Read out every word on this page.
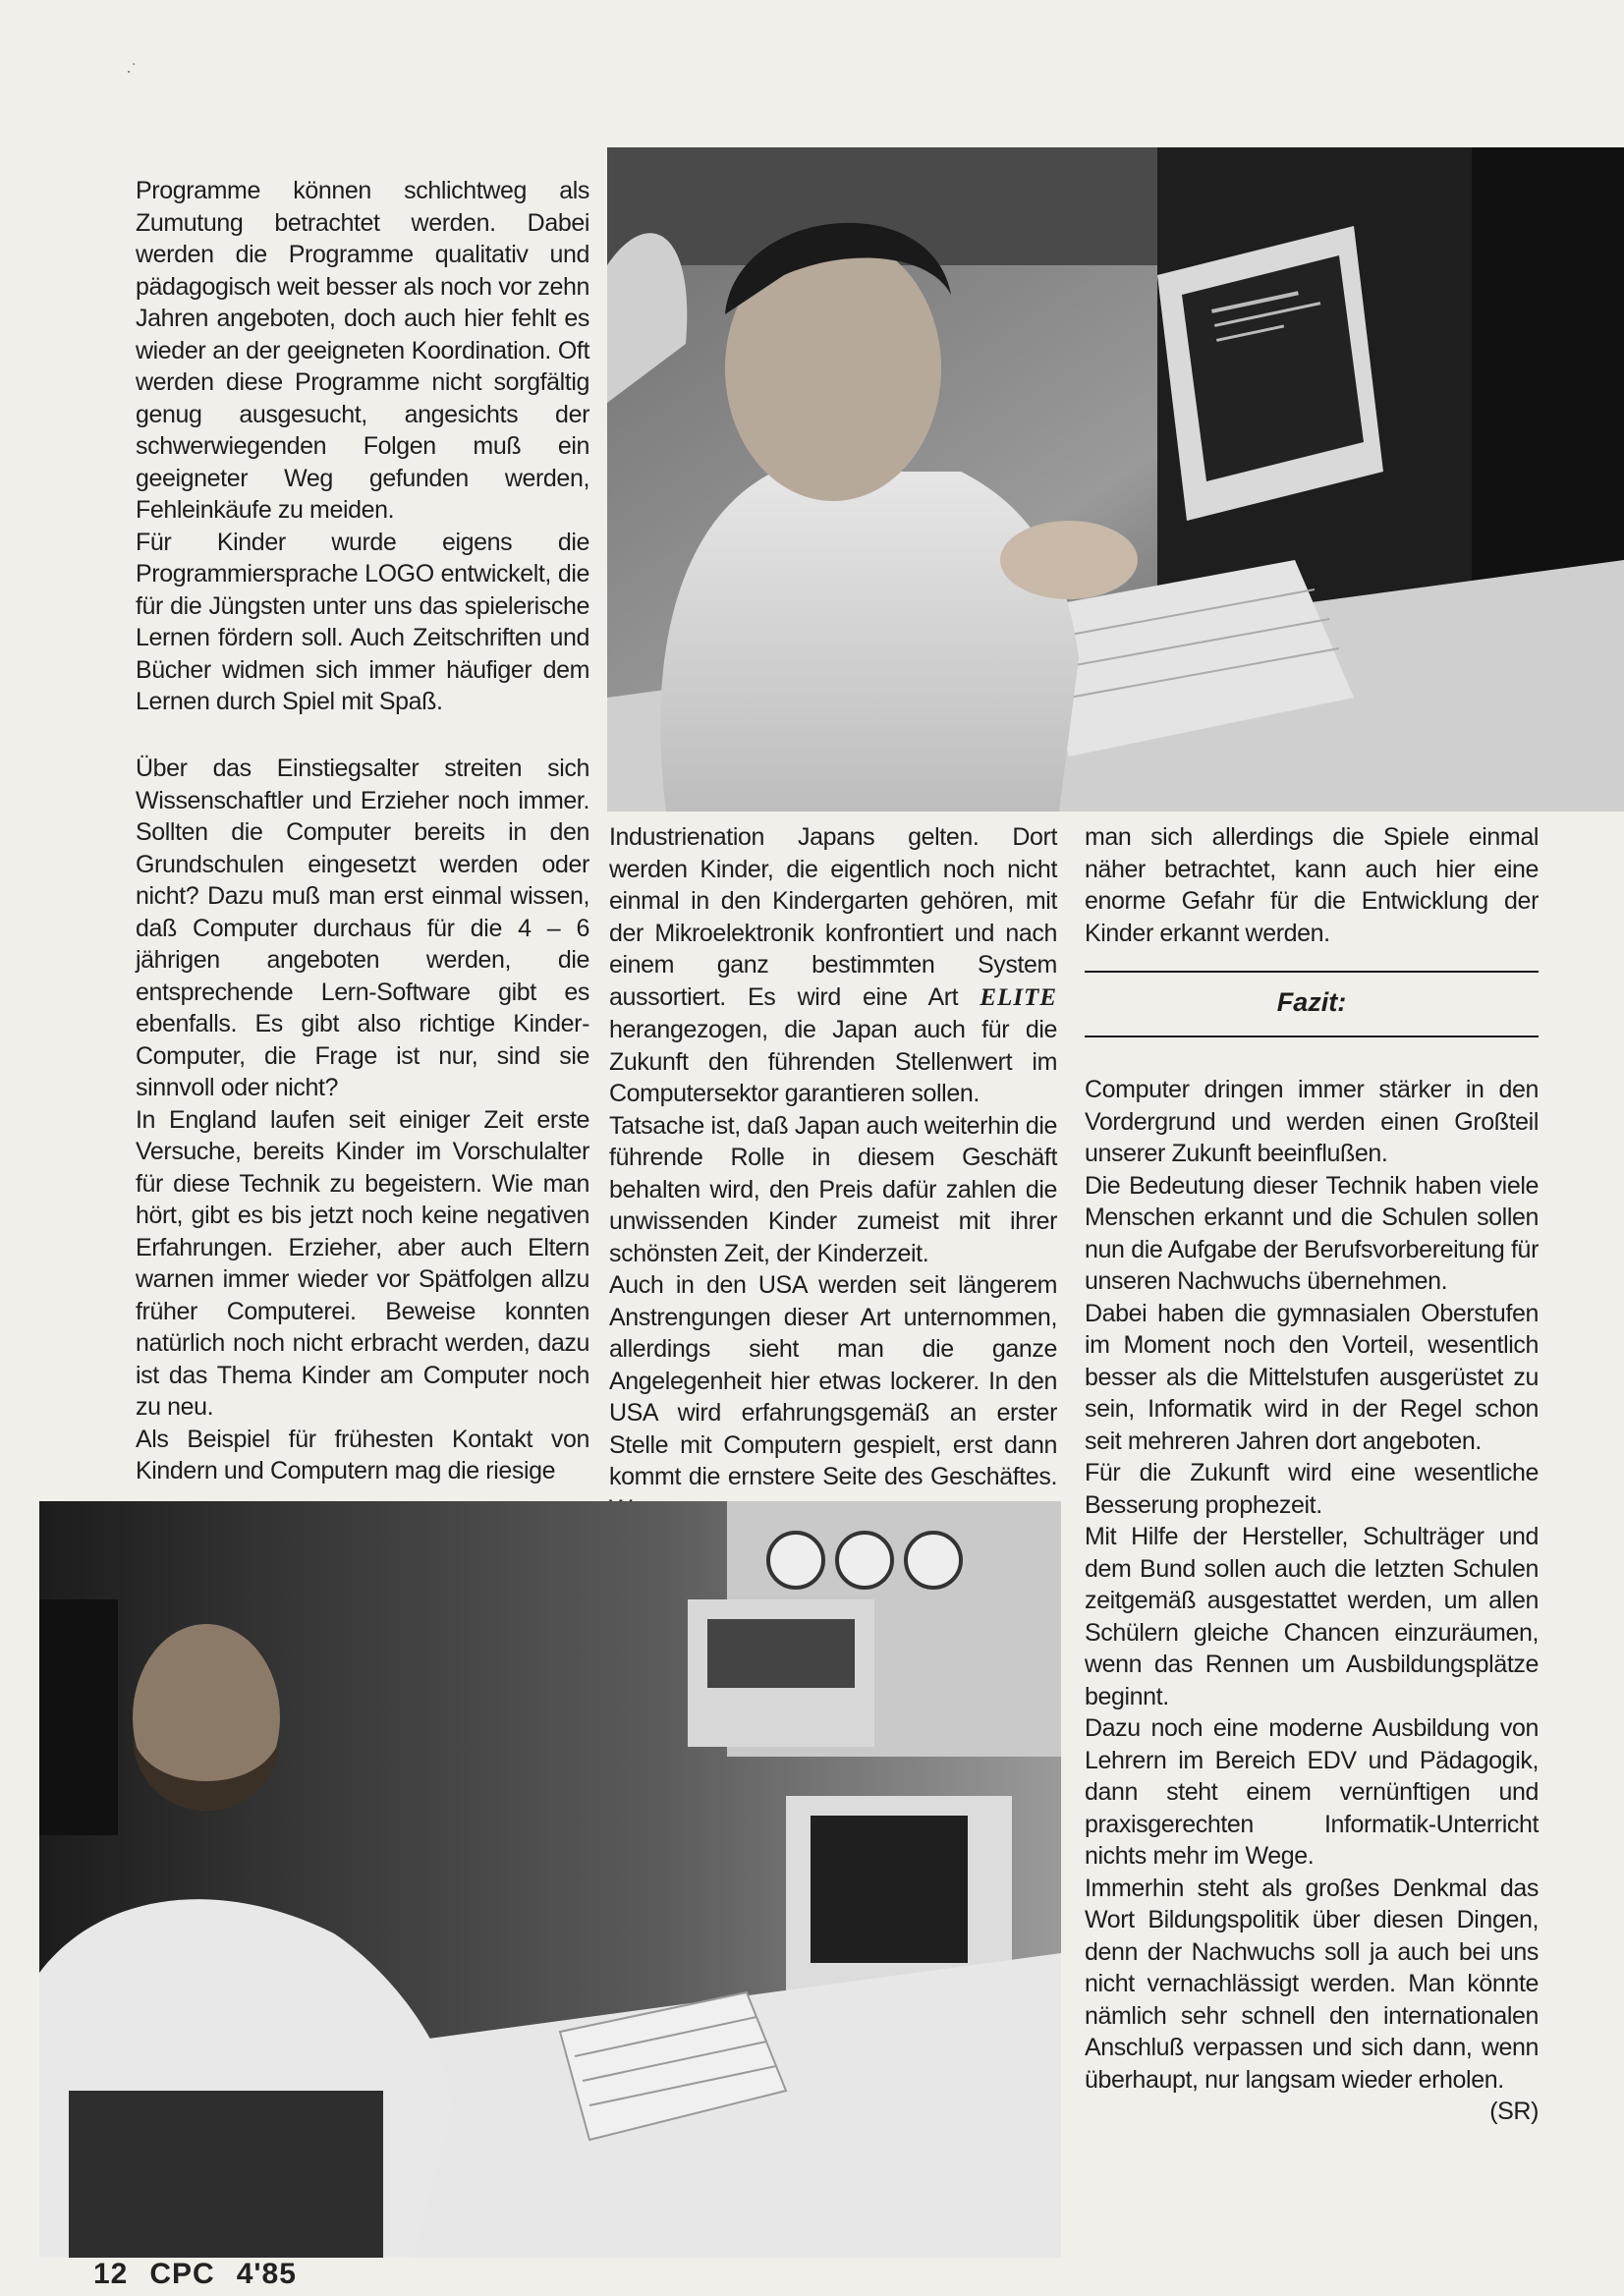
·˙

Programme können schlichtweg als Zumutung betrachtet werden. Dabei werden die Programme qualitativ und pädagogisch weit besser als noch vor zehn Jahren angeboten, doch auch hier fehlt es wieder an der geeigneten Koordination. Oft werden diese Programme nicht sorgfältig genug ausgesucht, angesichts der schwerwiegenden Folgen muß ein geeigneter Weg gefunden werden, Fehleinkäufe zu meiden.

Für Kinder wurde eigens die Programmiersprache LOGO entwickelt, die für die Jüngsten unter uns das spielerische Lernen fördern soll. Auch Zeitschriften und Bücher widmen sich immer häufiger dem Lernen durch Spiel mit Spaß.

Über das Einstiegsalter streiten sich Wissenschaftler und Erzieher noch immer. Sollten die Computer bereits in den Grundschulen eingesetzt werden oder nicht? Dazu muß man erst einmal wissen, daß Computer durchaus für die 4 – 6 jährigen angeboten werden, die entsprechende Lern-Software gibt es ebenfalls. Es gibt also richtige Kinder-Computer, die Frage ist nur, sind sie sinnvoll oder nicht?

In England laufen seit einiger Zeit erste Versuche, bereits Kinder im Vorschulalter für diese Technik zu begeistern. Wie man hört, gibt es bis jetzt noch keine negativen Erfahrungen. Erzieher, aber auch Eltern warnen immer wieder vor Spätfolgen allzu früher Computerei. Beweise konnten natürlich noch nicht erbracht werden, dazu ist das Thema Kinder am Computer noch zu neu.

Als Beispiel für frühesten Kontakt von Kindern und Computern mag die riesige

Industrienation Japans gelten. Dort werden Kinder, die eigentlich noch nicht einmal in den Kindergarten gehören, mit der Mikroelektronik konfrontiert und nach einem ganz bestimmten System aussortiert. Es wird eine Art ELITE herangezogen, die Japan auch für die Zukunft den führenden Stellenwert im Computersektor garantieren sollen.

Tatsache ist, daß Japan auch weiterhin die führende Rolle in diesem Geschäft behalten wird, den Preis dafür zahlen die unwissenden Kinder zumeist mit ihrer schönsten Zeit, der Kinderzeit.

Auch in den USA werden seit längerem Anstrengungen dieser Art unternommen, allerdings sieht man die ganze Angelegenheit hier etwas lockerer. In den USA wird erfahrungsgemäß an erster Stelle mit Computern gespielt, erst dann kommt die ernstere Seite des Geschäftes.

man sich allerdings die Spiele einmal näher betrachtet, kann auch hier eine enorme Gefahr für die Entwicklung der Kinder erkannt werden.

Fazit:

Computer dringen immer stärker in den Vordergrund und werden einen Großteil unserer Zukunft beeinflußen.

Die Bedeutung dieser Technik haben viele Menschen erkannt und die Schulen sollen nun die Aufgabe der Berufsvorbereitung für unseren Nachwuchs übernehmen.

Dabei haben die gymnasialen Oberstufen im Moment noch den Vorteil, wesentlich besser als die Mittelstufen ausgerüstet zu sein, Informatik wird in der Regel schon seit mehreren Jahren dort angeboten.

Für die Zukunft wird eine wesentliche Besserung prophezeit.

Mit Hilfe der Hersteller, Schulträger und dem Bund sollen auch die letzten Schulen zeitgemäß ausgestattet werden, um allen Schülern gleiche Chancen einzuräumen, wenn das Rennen um Ausbildungsplätze beginnt.

Dazu noch eine moderne Ausbildung von Lehrern im Bereich EDV und Pädagogik, dann steht einem vernünftigen und praxisgerechten Informatik-Unterricht nichts mehr im Wege.

Immerhin steht als großes Denkmal das Wort Bildungspolitik über diesen Dingen, denn der Nachwuchs soll ja auch bei uns nicht vernachlässigt werden. Man könnte nämlich sehr schnell den internationalen Anschluß verpassen und sich dann, wenn überhaupt, nur langsam wieder erholen.

(SR)

12 CPC 4'85
